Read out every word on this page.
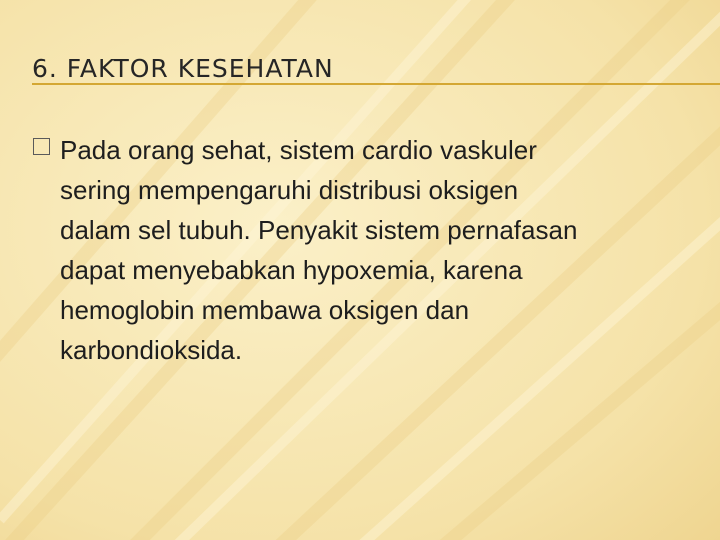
6. FAKTOR KESEHATAN

Pada orang sehat, sistem cardio vaskuler
sering mempengaruhi distribusi oksigen
dalam sel tubuh. Penyakit sistem pernafasan
dapat menyebabkan hypoxemia, karena
hemoglobin membawa oksigen dan
karbondioksida.
